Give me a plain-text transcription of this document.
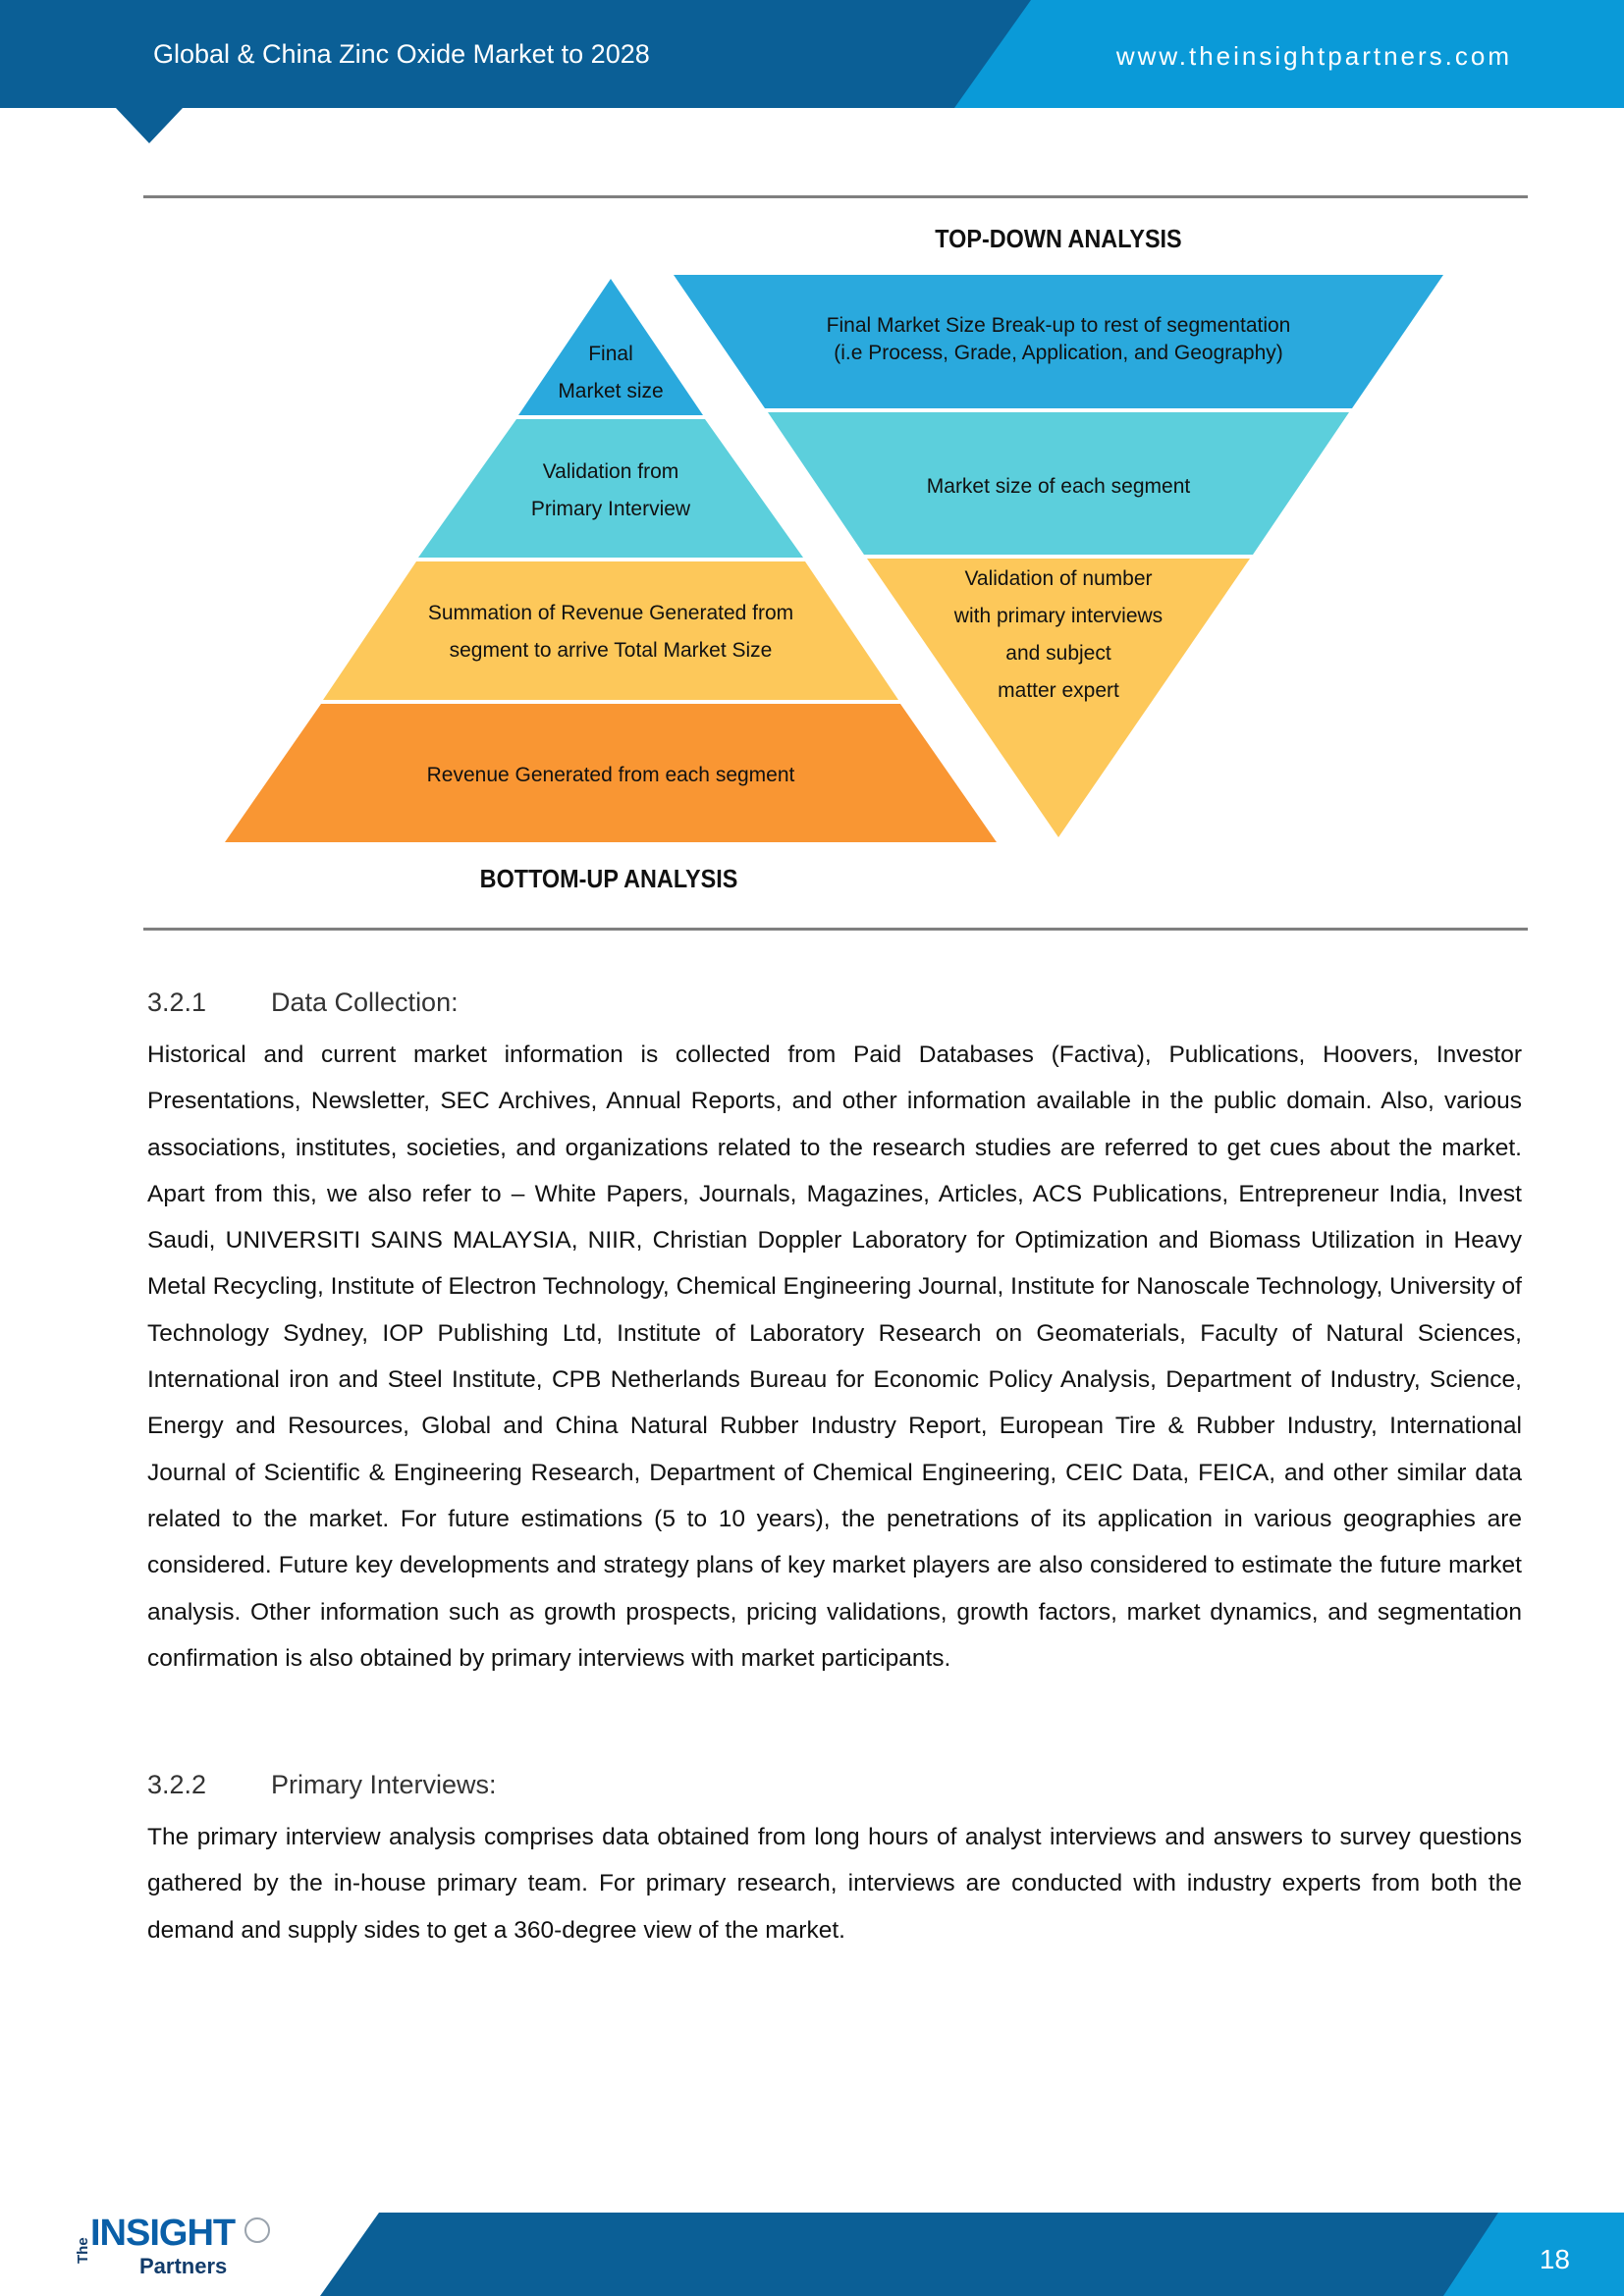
Global & China Zinc Oxide Market to 2028	www.theinsightpartners.com
TOP-DOWN ANALYSIS
BOTTOM-UP ANALYSIS
Final
Market size
Validation from
Primary Interview
Summation of Revenue Generated from
segment to arrive Total Market Size
Revenue Generated from each segment
Final Market Size Break-up to rest of segmentation
(i.e Process, Grade, Application, and Geography)
Market size of each segment
Validation of number
with primary interviews
and subject
matter expert
3.2.1 Data Collection:
Historical and current market information is collected from Paid Databases (Factiva), Publications, Hoovers, Investor Presentations, Newsletter, SEC Archives, Annual Reports, and other information available in the public domain. Also, various associations, institutes, societies, and organizations related to the research studies are referred to get cues about the market. Apart from this, we also refer to – White Papers, Journals, Magazines, Articles, ACS Publications, Entrepreneur India, Invest Saudi, UNIVERSITI SAINS MALAYSIA, NIIR, Christian Doppler Laboratory for Optimization and Biomass Utilization in Heavy Metal Recycling, Institute of Electron Technology, Chemical Engineering Journal, Institute for Nanoscale Technology, University of Technology Sydney, IOP Publishing Ltd, Institute of Laboratory Research on Geomaterials, Faculty of Natural Sciences, International iron and Steel Institute, CPB Netherlands Bureau for Economic Policy Analysis, Department of Industry, Science, Energy and Resources, Global and China Natural Rubber Industry Report, European Tire & Rubber Industry, International Journal of Scientific & Engineering Research, Department of Chemical Engineering, CEIC Data, FEICA, and other similar data related to the market. For future estimations (5 to 10 years), the penetrations of its application in various geographies are considered. Future key developments and strategy plans of key market players are also considered to estimate the future market analysis. Other information such as growth prospects, pricing validations, growth factors, market dynamics, and segmentation confirmation is also obtained by primary interviews with market participants.
3.2.2 Primary Interviews:
The primary interview analysis comprises data obtained from long hours of analyst interviews and answers to survey questions gathered by the in-house primary team. For primary research, interviews are conducted with industry experts from both the demand and supply sides to get a 360-degree view of the market.
18
The INSIGHT
Partners
